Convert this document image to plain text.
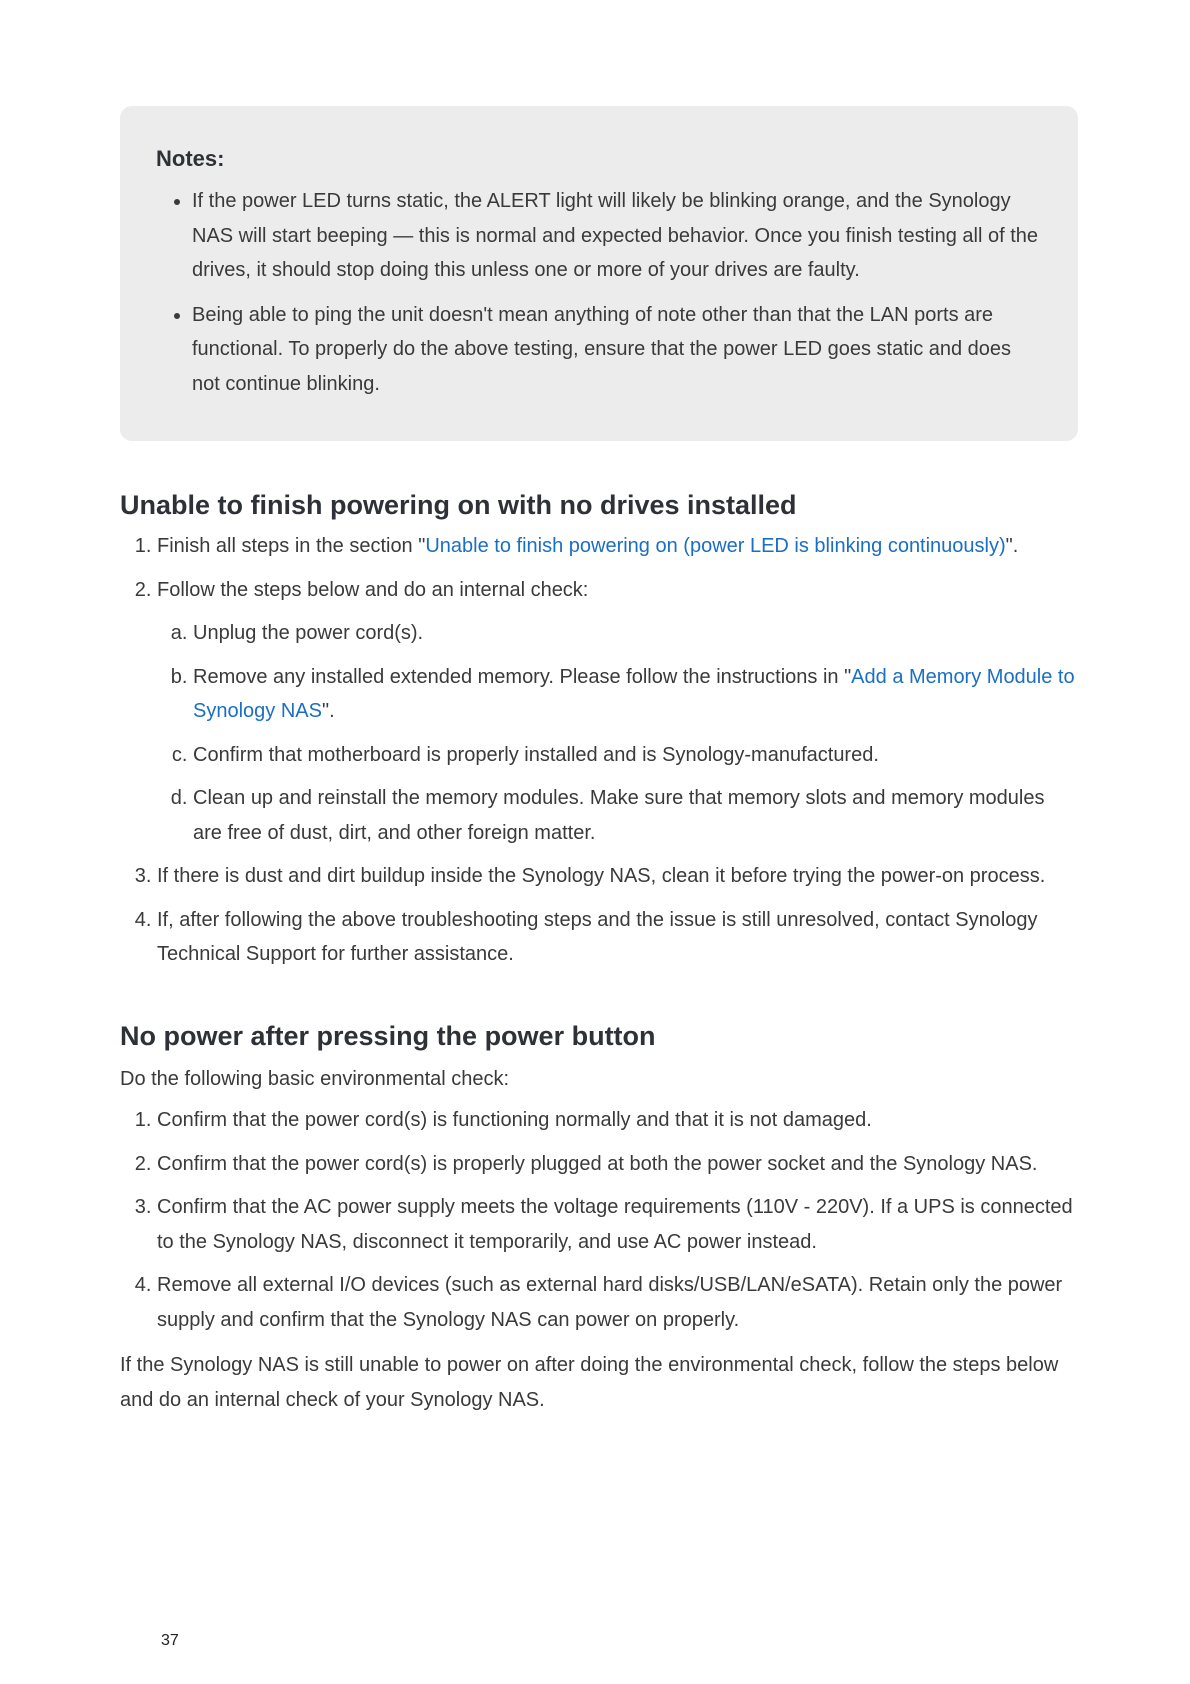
Notes:
• If the power LED turns static, the ALERT light will likely be blinking orange, and the Synology NAS will start beeping — this is normal and expected behavior. Once you finish testing all of the drives, it should stop doing this unless one or more of your drives are faulty.
• Being able to ping the unit doesn't mean anything of note other than that the LAN ports are functional. To properly do the above testing, ensure that the power LED goes static and does not continue blinking.
Unable to finish powering on with no drives installed
1. Finish all steps in the section "Unable to finish powering on (power LED is blinking continuously)".
2. Follow the steps below and do an internal check:
a. Unplug the power cord(s).
b. Remove any installed extended memory. Please follow the instructions in "Add a Memory Module to Synology NAS".
c. Confirm that motherboard is properly installed and is Synology-manufactured.
d. Clean up and reinstall the memory modules. Make sure that memory slots and memory modules are free of dust, dirt, and other foreign matter.
3. If there is dust and dirt buildup inside the Synology NAS, clean it before trying the power-on process.
4. If, after following the above troubleshooting steps and the issue is still unresolved, contact Synology Technical Support for further assistance.
No power after pressing the power button

Do the following basic environmental check:

1. Confirm that the power cord(s) is functioning normally and that it is not damaged.
2. Confirm that the power cord(s) is properly plugged at both the power socket and the Synology NAS.
3. Confirm that the AC power supply meets the voltage requirements (110V - 220V). If a UPS is connected to the Synology NAS, disconnect it temporarily, and use AC power instead.
4. Remove all external I/O devices (such as external hard disks/USB/LAN/eSATA). Retain only the power supply and confirm that the Synology NAS can power on properly.

If the Synology NAS is still unable to power on after doing the environmental check, follow the steps below and do an internal check of your Synology NAS.

37
